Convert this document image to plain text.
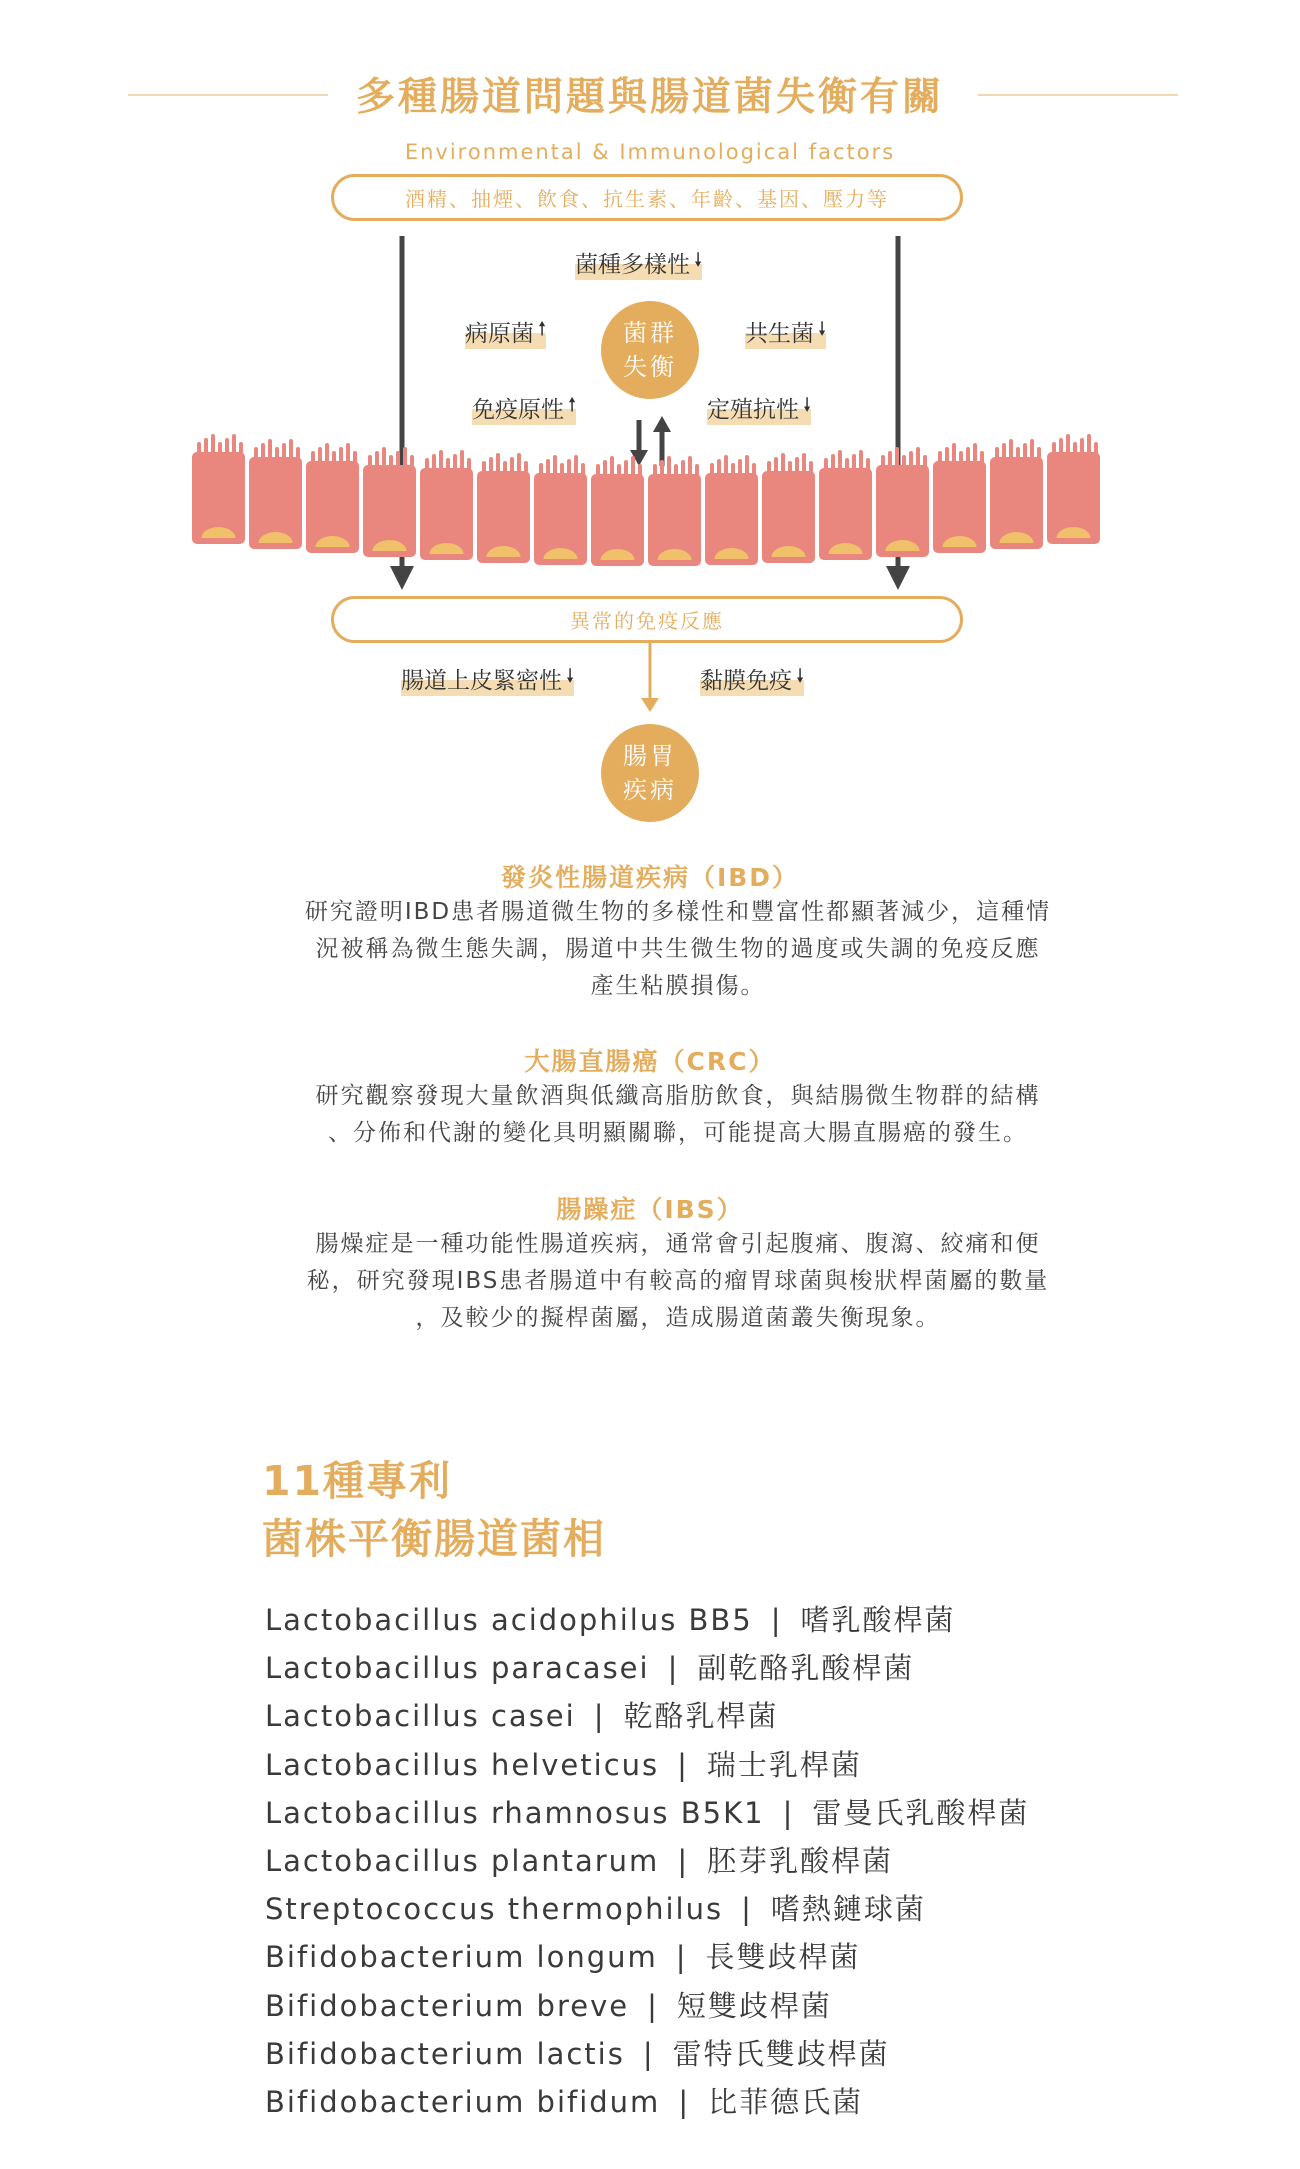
多種腸道問題與腸道菌失衡有關
Environmental & Immunological factors
酒精、抽煙、飲食、抗生素、年齡、基因、壓力等
菌種多樣性 🠗
病原菌 🠕	共生菌 🠗
免疫原性 🠕	定殖抗性 🠗
菌群
失衡
異常的免疫反應
腸道上皮緊密性 🠗	黏膜免疫 🠗
腸胃
疾病
發炎性腸道疾病（IBD）
研究證明IBD患者腸道微生物的多樣性和豐富性都顯著減少，這種情
況被稱為微生態失調，腸道中共生微生物的過度或失調的免疫反應
產生粘膜損傷。
大腸直腸癌（CRC）
研究觀察發現大量飲酒與低纖高脂肪飲食，與結腸微生物群的結構
、分佈和代謝的變化具明顯關聯，可能提高大腸直腸癌的發生。
腸躁症（IBS）
腸燥症是一種功能性腸道疾病，通常會引起腹痛、腹瀉、絞痛和便
秘，研究發現IBS患者腸道中有較高的瘤胃球菌與梭狀桿菌屬的數量
，及較少的擬桿菌屬，造成腸道菌叢失衡現象。
11種專利
菌株平衡腸道菌相
Lactobacillus acidophilus BB5 | 嗜乳酸桿菌
Lactobacillus paracasei | 副乾酪乳酸桿菌
Lactobacillus casei | 乾酪乳桿菌
Lactobacillus helveticus | 瑞士乳桿菌
Lactobacillus rhamnosus B5K1 | 雷曼氏乳酸桿菌
Lactobacillus plantarum | 胚芽乳酸桿菌
Streptococcus thermophilus | 嗜熱鏈球菌
Bifidobacterium longum | 長雙歧桿菌
Bifidobacterium breve | 短雙歧桿菌
Bifidobacterium lactis | 雷特氏雙歧桿菌
Bifidobacterium bifidum | 比菲德氏菌
